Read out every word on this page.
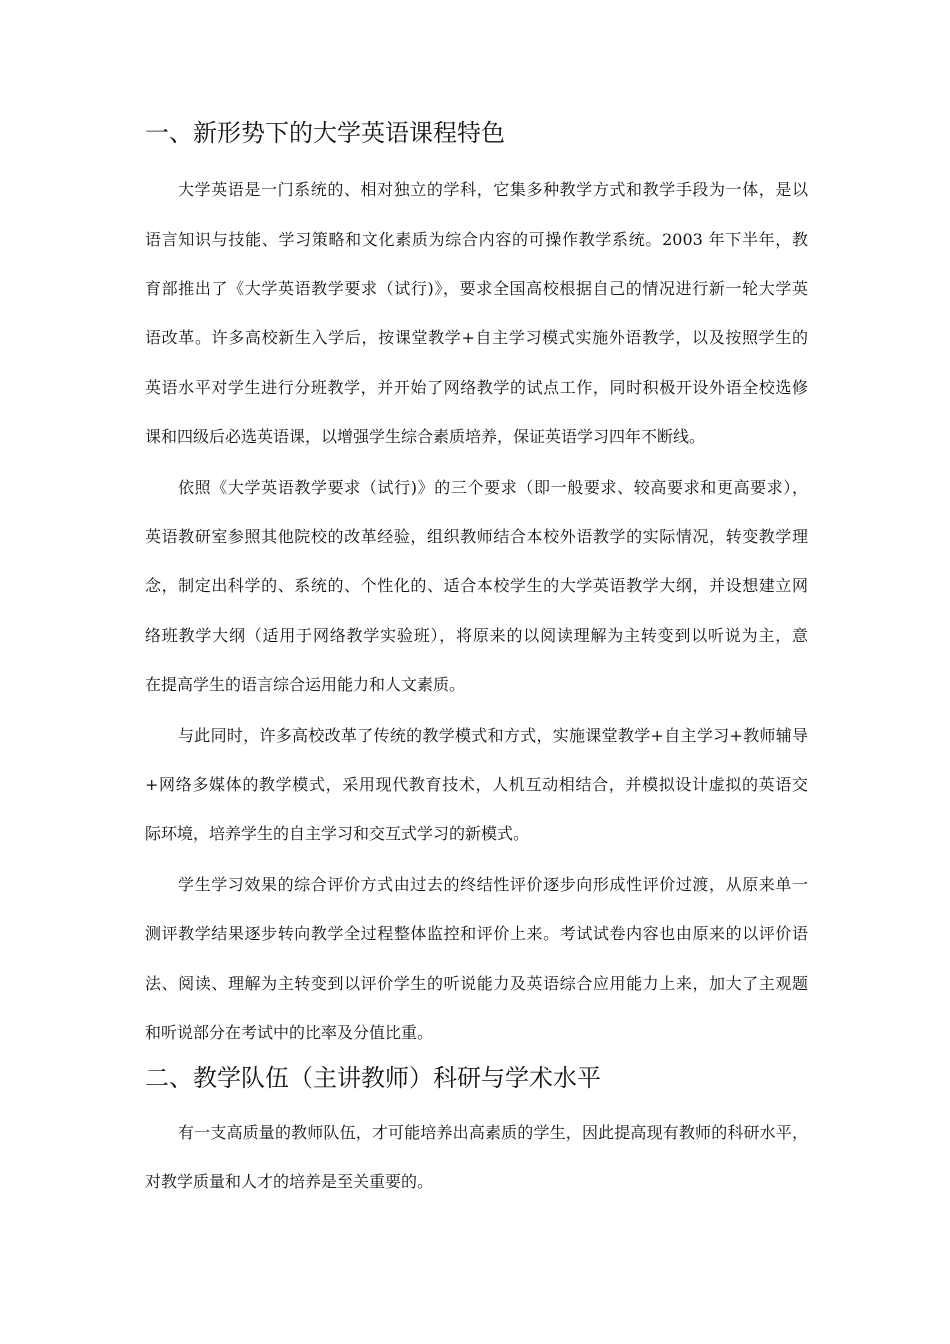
一、新形势下的大学英语课程特色
大学英语是一门系统的、相对独立的学科，它集多种教学方式和教学手段为一体，是以
语言知识与技能、学习策略和文化素质为综合内容的可操作教学系统。2003 年下半年，教
育部推出了《大学英语教学要求（试行)》，要求全国高校根据自己的情况进行新一轮大学英
语改革。许多高校新生入学后，按课堂教学+自主学习模式实施外语教学，以及按照学生的
英语水平对学生进行分班教学，并开始了网络教学的试点工作，同时积极开设外语全校选修
课和四级后必选英语课，以增强学生综合素质培养，保证英语学习四年不断线。
依照《大学英语教学要求（试行)》的三个要求（即一般要求、较高要求和更高要求），
英语教研室参照其他院校的改革经验，组织教师结合本校外语教学的实际情况，转变教学理
念，制定出科学的、系统的、个性化的、适合本校学生的大学英语教学大纲，并设想建立网
络班教学大纲（适用于网络教学实验班），将原来的以阅读理解为主转变到以听说为主，意
在提高学生的语言综合运用能力和人文素质。
与此同时，许多高校改革了传统的教学模式和方式，实施课堂教学+自主学习+教师辅导
+网络多媒体的教学模式，采用现代教育技术，人机互动相结合，并模拟设计虚拟的英语交
际环境，培养学生的自主学习和交互式学习的新模式。
学生学习效果的综合评价方式由过去的终结性评价逐步向形成性评价过渡，从原来单一
测评教学结果逐步转向教学全过程整体监控和评价上来。考试试卷内容也由原来的以评价语
法、阅读、理解为主转变到以评价学生的听说能力及英语综合应用能力上来，加大了主观题
和听说部分在考试中的比率及分值比重。
二、教学队伍（主讲教师）科研与学术水平
有一支高质量的教师队伍，才可能培养出高素质的学生，因此提高现有教师的科研水平，
对教学质量和人才的培养是至关重要的。
